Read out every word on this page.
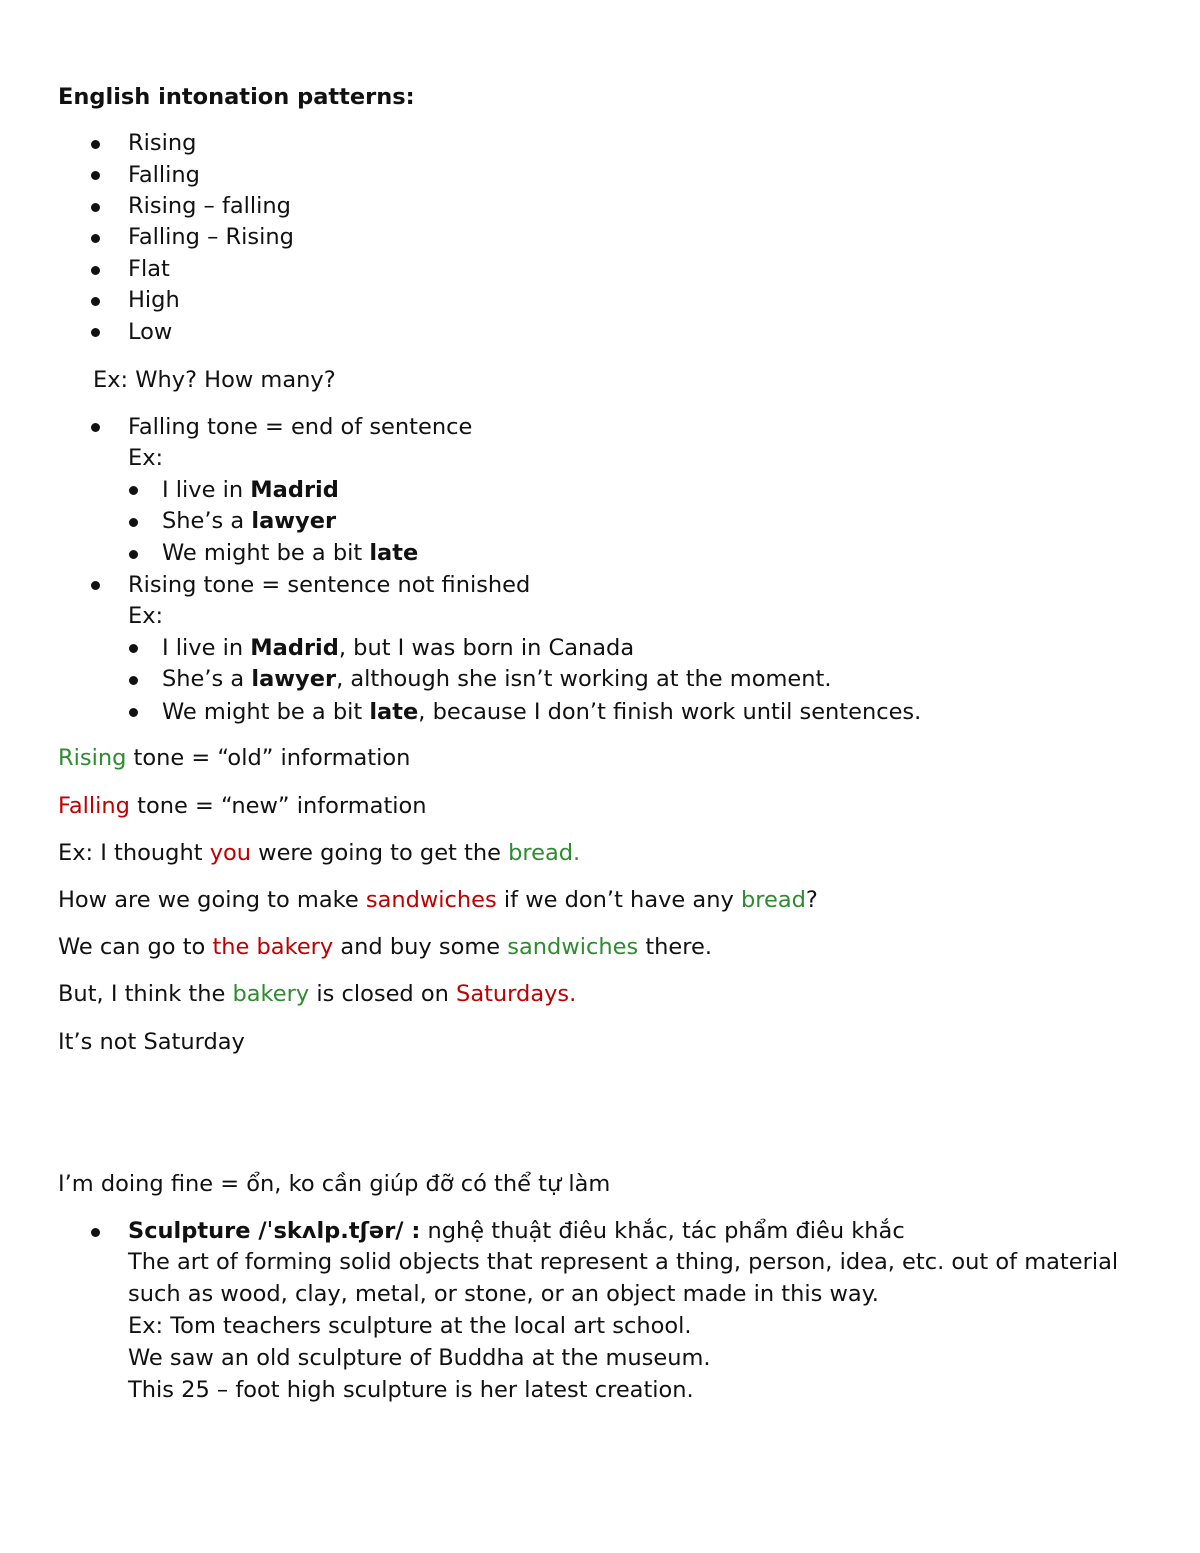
English intonation patterns:
Rising
Falling
Rising – falling
Falling – Rising
Flat
High
Low
Ex: Why? How many?
Falling tone = end of sentence
Ex:
I live in Madrid
She’s a lawyer
We might be a bit late
Rising tone = sentence not finished
Ex:
I live in Madrid, but I was born in Canada
She’s a lawyer, although she isn’t working at the moment.
We might be a bit late, because I don’t finish work until sentences.
Rising tone = “old” information
Falling tone = “new” information
Ex: I thought you were going to get the bread.
How are we going to make sandwiches if we don’t have any bread?
We can go to the bakery and buy some sandwiches there.
But, I think the bakery is closed on Saturdays.
It’s not Saturday
I’m doing fine = ổn, ko cần giúp đỡ có thể tự làm
Sculpture /ˈskʌlp.tʃər/ : nghệ thuật điêu khắc, tác phẩm điêu khắc
The art of forming solid objects that represent a thing, person, idea, etc. out of material such as wood, clay, metal, or stone, or an object made in this way.
Ex: Tom teachers sculpture at the local art school.
We saw an old sculpture of Buddha at the museum.
This 25 – foot high sculpture is her latest creation.
